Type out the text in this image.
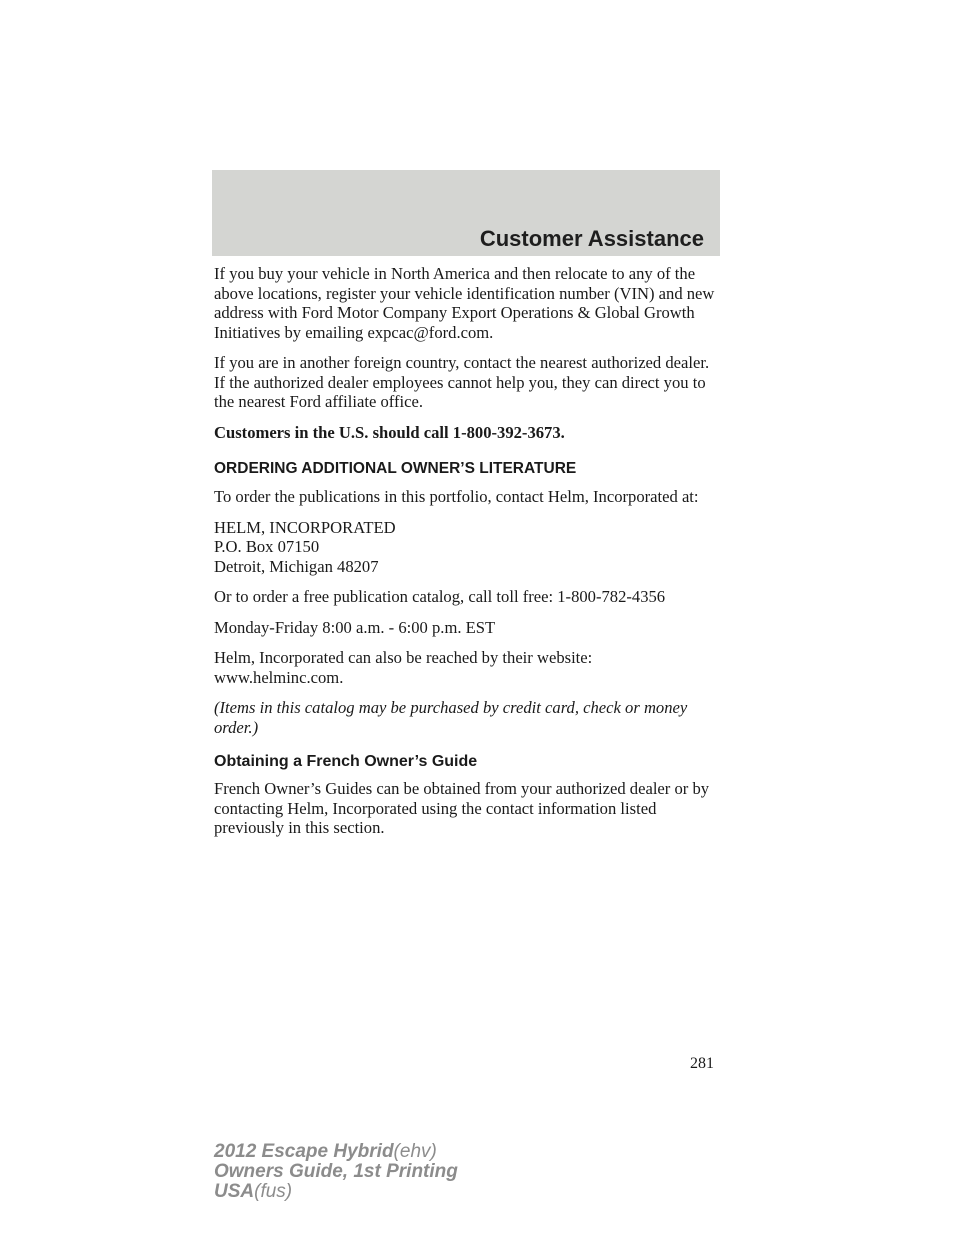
Customer Assistance

If you buy your vehicle in North America and then relocate to any of the above locations, register your vehicle identification number (VIN) and new address with Ford Motor Company Export Operations & Global Growth Initiatives by emailing expcac@ford.com.

If you are in another foreign country, contact the nearest authorized dealer. If the authorized dealer employees cannot help you, they can direct you to the nearest Ford affiliate office.

Customers in the U.S. should call 1-800-392-3673.

ORDERING ADDITIONAL OWNER’S LITERATURE

To order the publications in this portfolio, contact Helm, Incorporated at:

HELM, INCORPORATED
P.O. Box 07150
Detroit, Michigan 48207

Or to order a free publication catalog, call toll free: 1-800-782-4356

Monday-Friday 8:00 a.m. - 6:00 p.m. EST

Helm, Incorporated can also be reached by their website: www.helminc.com.

(Items in this catalog may be purchased by credit card, check or money order.)

Obtaining a French Owner’s Guide

French Owner’s Guides can be obtained from your authorized dealer or by contacting Helm, Incorporated using the contact information listed previously in this section.

281
2012 Escape Hybrid(ehv)
Owners Guide, 1st Printing
USA(fus)
